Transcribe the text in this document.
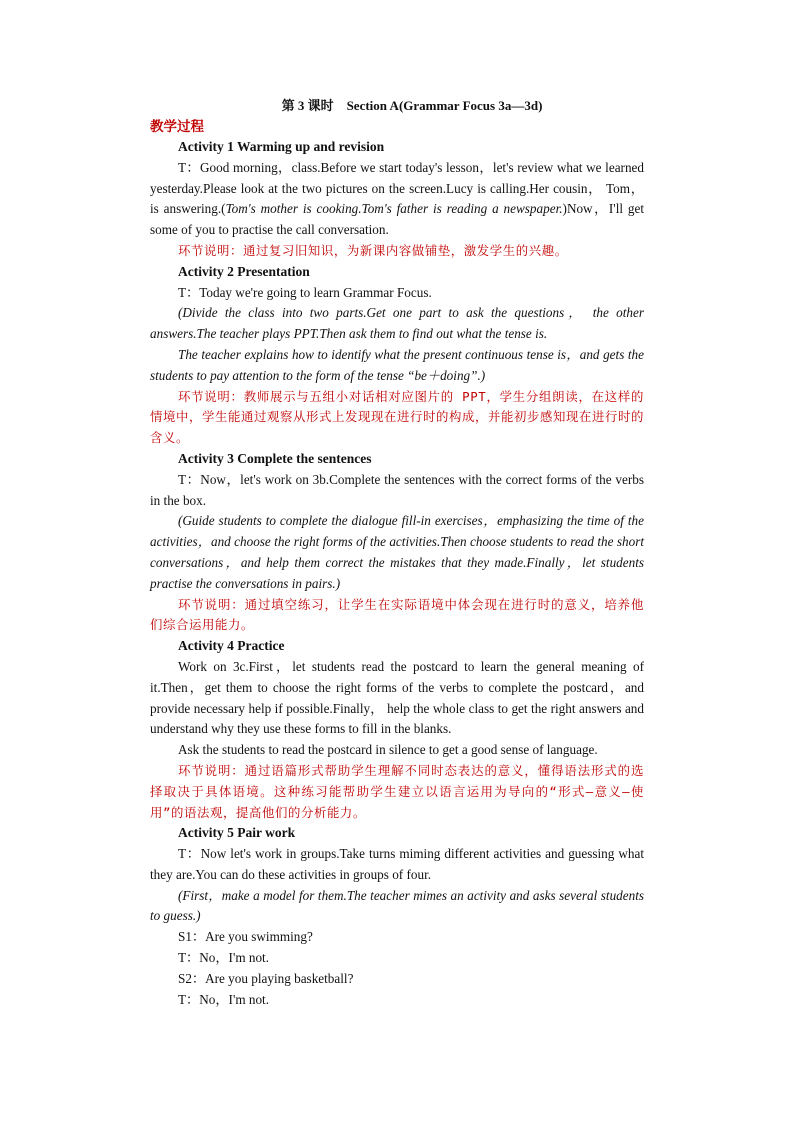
第 3 课时　Section A(Grammar Focus 3a—3d)
教学过程
Activity 1 Warming up and revision

T：Good morning，class.Before we start today's lesson，let's review what we learned yesterday.Please look at the two pictures on the screen.Lucy is calling.Her cousin， Tom， is answering.(Tom's mother is cooking.Tom's father is reading a newspaper.)Now，I'll get some of you to practise the call conversation.

环节说明：通过复习旧知识，为新课内容做铺垫，激发学生的兴趣。

Activity 2 Presentation

T：Today we're going to learn Grammar Focus.

(Divide the class into two parts.Get one part to ask the questions， the other answers.The teacher plays PPT.Then ask them to find out what the tense is.

The teacher explains how to identify what the present continuous tense is，and gets the students to pay attention to the form of the tense “be＋doing”.)

环节说明：教师展示与五组小对话相对应图片的 PPT，学生分组朗读，在这样的情境中，学生能通过观察从形式上发现现在进行时的构成，并能初步感知现在进行时的含义。

Activity 3 Complete the sentences

T：Now，let's work on 3b.Complete the sentences with the correct forms of the verbs in the box.

(Guide students to complete the dialogue fill-in exercises，emphasizing the time of the activities，and choose the right forms of the activities.Then choose students to read the short conversations，and help them correct the mistakes that they made.Finally，let students practise the conversations in pairs.)

环节说明：通过填空练习，让学生在实际语境中体会现在进行时的意义，培养他们综合运用能力。

Activity 4 Practice

Work on 3c.First，let students read the postcard to learn the general meaning of it.Then，get them to choose the right forms of the verbs to complete the postcard，and provide necessary help if possible.Finally， help the whole class to get the right answers and understand why they use these forms to fill in the blanks.

Ask the students to read the postcard in silence to get a good sense of language.

环节说明：通过语篇形式帮助学生理解不同时态表达的意义，懂得语法形式的选择取决于具体语境。这种练习能帮助学生建立以语言运用为导向的“形式—意义—使用”的语法观，提高他们的分析能力。

Activity 5 Pair work

T：Now let's work in groups.Take turns miming different activities and guessing what they are.You can do these activities in groups of four.

(First，make a model for them.The teacher mimes an activity and asks several students to guess.)

S1：Are you swimming?

T：No，I'm not.

S2：Are you playing basketball?

T：No，I'm not.
